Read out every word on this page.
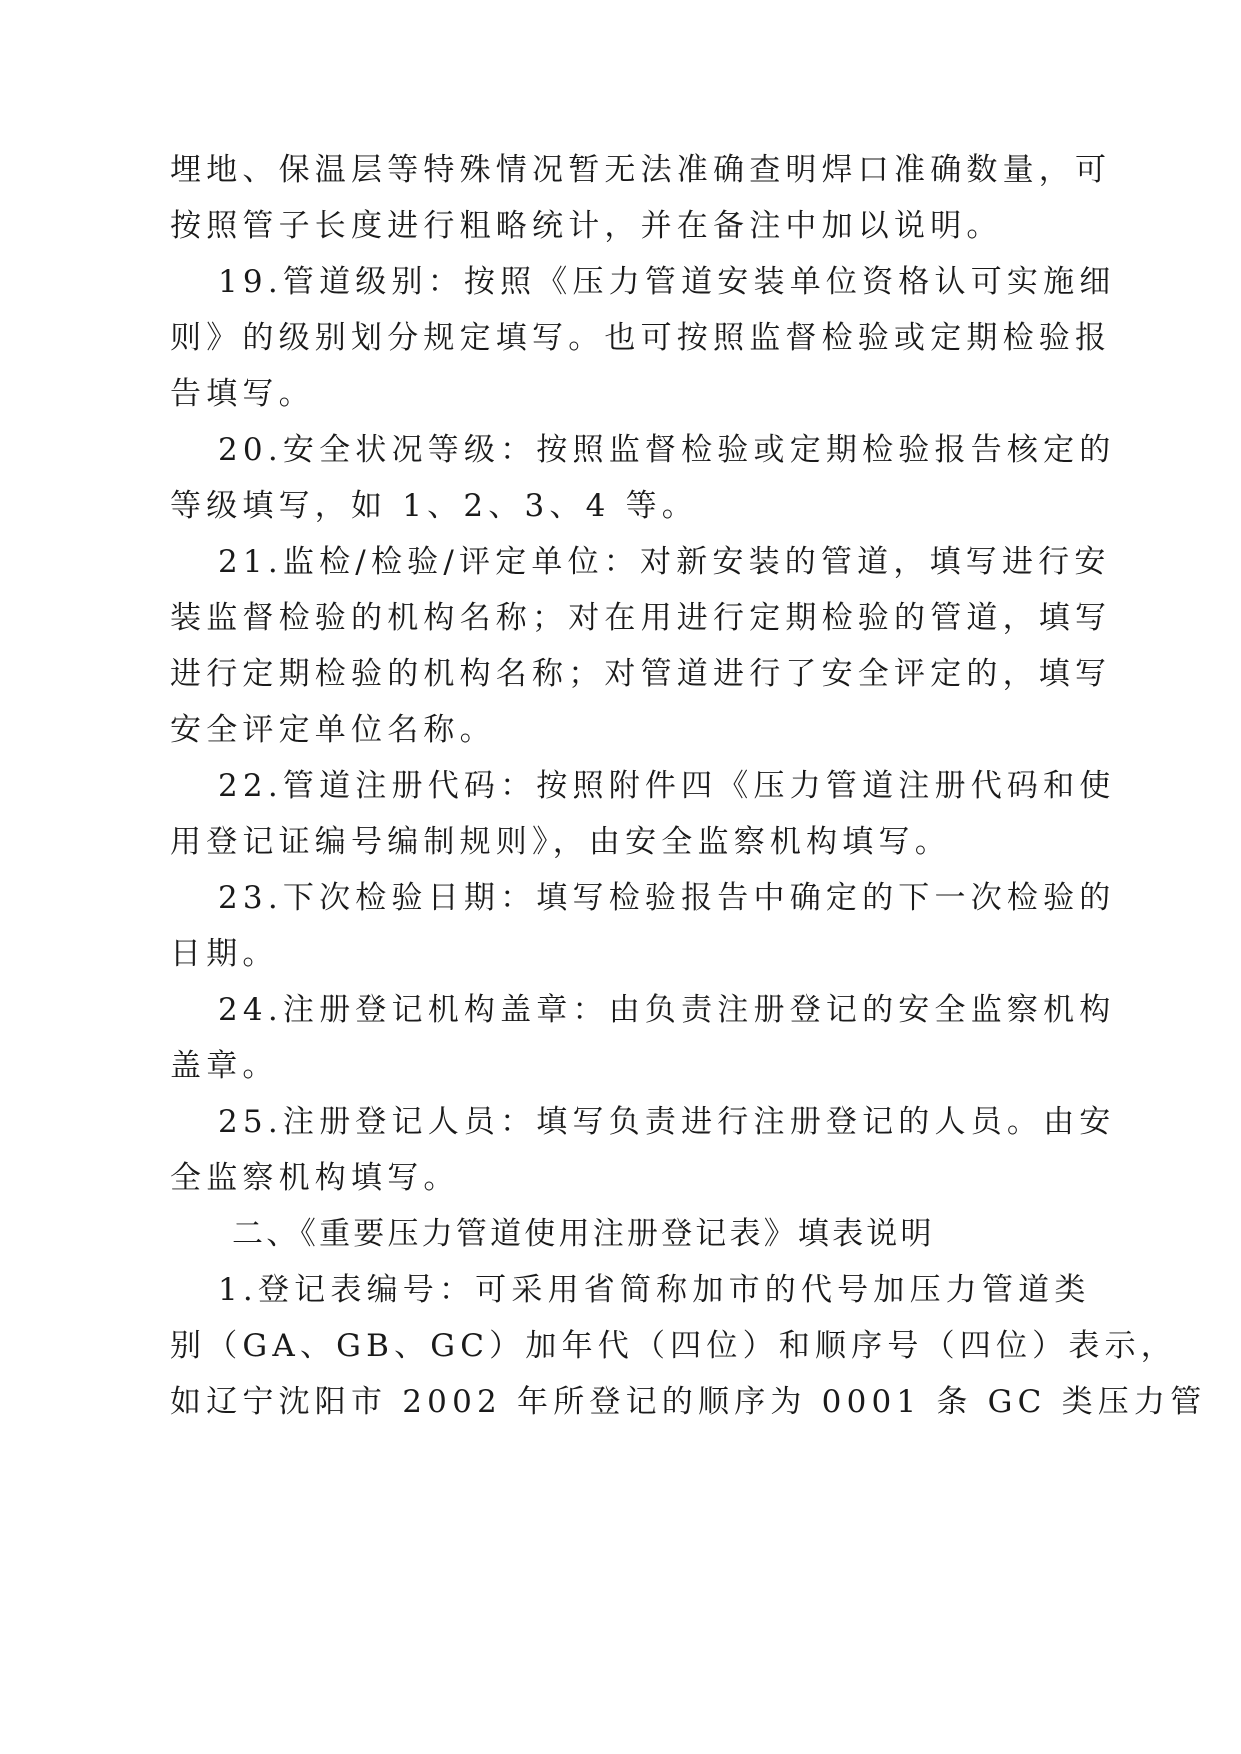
埋地、保温层等特殊情况暂无法准确查明焊口准确数量，可
按照管子长度进行粗略统计，并在备注中加以说明。
19.管道级别：按照《压力管道安装单位资格认可实施细
则》的级别划分规定填写。也可按照监督检验或定期检验报
告填写。
20.安全状况等级：按照监督检验或定期检验报告核定的
等级填写，如 1、2、3、4 等。
21.监检/检验/评定单位：对新安装的管道，填写进行安
装监督检验的机构名称；对在用进行定期检验的管道，填写
进行定期检验的机构名称；对管道进行了安全评定的，填写
安全评定单位名称。
22.管道注册代码：按照附件四《压力管道注册代码和使
用登记证编号编制规则》，由安全监察机构填写。
23.下次检验日期：填写检验报告中确定的下一次检验的
日期。
24.注册登记机构盖章：由负责注册登记的安全监察机构
盖章。
25.注册登记人员：填写负责进行注册登记的人员。由安
全监察机构填写。
二、《重要压力管道使用注册登记表》填表说明
1.登记表编号：可采用省简称加市的代号加压力管道类
别（GA、GB、GC）加年代（四位）和顺序号（四位）表示，
如辽宁沈阳市 2002 年所登记的顺序为 0001 条 GC 类压力管
